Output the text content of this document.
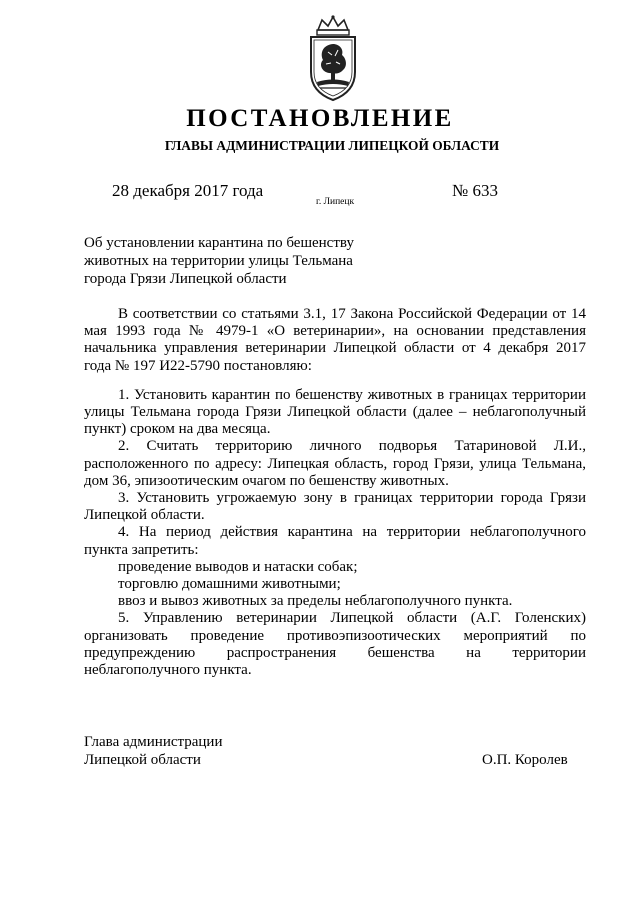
ПОСТАНОВЛЕНИЕ
ГЛАВЫ АДМИНИСТРАЦИИ ЛИПЕЦКОЙ ОБЛАСТИ
28 декабря 2017 года
г. Липецк
№ 633
Об установлении карантина по бешенству
животных на территории улицы Тельмана
города Грязи Липецкой области

В соответствии со статьями 3.1, 17 Закона Российской Федерации от 14 мая 1993 года № 4979-1 «О ветеринарии», на основании представления начальника управления ветеринарии Липецкой области от 4 декабря 2017 года № 197 И22-5790 постановляю:

1. Установить карантин по бешенству животных в границах территории улицы Тельмана города Грязи Липецкой области (далее – неблагополучный пункт) сроком на два месяца.

2. Считать территорию личного подворья Татариновой Л.И., расположенного по адресу: Липецкая область, город Грязи, улица Тельмана, дом 36, эпизоотическим очагом по бешенству животных.

3. Установить угрожаемую зону в границах территории города Грязи Липецкой области.

4. На период действия карантина на территории неблагополучного пункта запретить:

проведение выводов и натаски собак;

торговлю домашними животными;

ввоз и вывоз животных за пределы неблагополучного пункта.

5. Управлению ветеринарии Липецкой области (А.Г. Голенских) организовать проведение противоэпизоотических мероприятий по предупреждению распространения бешенства на территории неблагополучного пункта.

Глава администрации
Липецкой области	О.П. Королев
